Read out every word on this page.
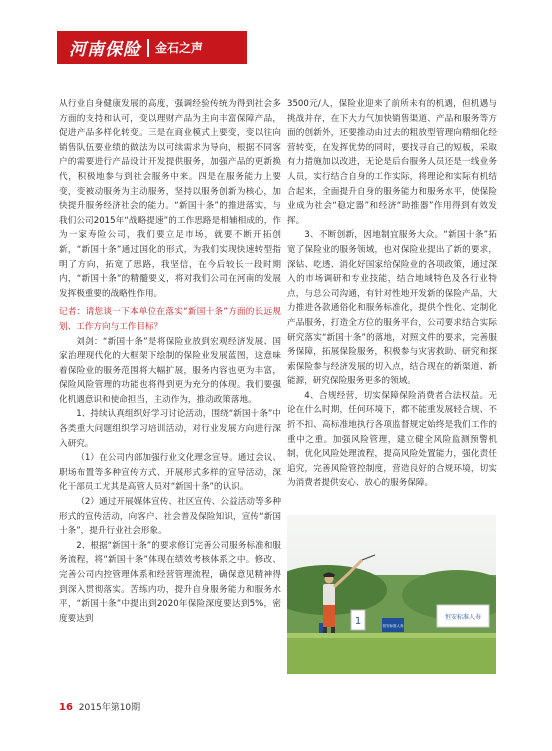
河南保险 金石之声

从行业自身健康发展的高度，强调经验传统为得到社会多方面的支持和认可，变以理财产品为主向丰富保障产品，促进产品多样化转变。三是在商业模式上要变，变以往向销售队伍要业绩的做法为以可续需求为导向，根据不同客户的需要进行产品设计开发提供服务，加强产品的更新换代，积极地参与到社会服务中来。四是在服务能力上要变，变被动服务为主动服务，坚持以服务创新为核心，加快提升服务经济社会的能力。“新国十条”的推进落实，与我们公司2015年“战略提速”的工作思路是相辅相成的，作为一家寿险公司，我们要立足市场，就要不断开拓创新，“新国十条”通过国化的形式，为我们实现快速转型指明了方向，拓宽了思路，我坚信，在今后较长一段时期内，“新国十条”的精髓要义，将对我们公司在河南的发展发挥极重要的战略性作用。

记者：请您谈一下本单位在落实“新国十条”方面的长远规划、工作方向与工作目标？

刘剑：“新国十条”是将保险业放到宏观经济发展、国家治理现代化的大框架下绘制的保险业发展蓝图，这意味着保险业的服务范围将大幅扩展，服务内容也更为丰富，保险风险管理的功能也将得到更为充分的体现。我们要强化机遇意识和使命担当，主动作为，推动政策落地。

1、持续认真组织好学习讨论活动，围绕“新国十条”中各类重大问题组织学习培训活动，对行业发展方向进行深入研究。

（1）在公司内部加强行业文化理念宣导。通过会议、职场布置等多种宣传方式、开展形式多样的宣导活动，深化干部员工尤其是高管人员对“新国十条”的认识。

（2）通过开展媒体宣传、社区宣传、公益活动等多种形式的宣传活动，向客户、社会普及保险知识，宣传“新国十条”，提升行业社会形象。

2、根据“新国十条”的要求修订完善公司服务标准和服务流程，将“新国十条”体现在绩效考核体系之中。修改、完善公司内控管理体系和经营管理流程，确保意见精神得到深入贯彻落实。苦练内功，提升自身服务能力和服务水平，“新国十条”中提出到2020年保险深度要达到5%，密度要达到

3500元/人，保险业迎来了前所未有的机遇，但机遇与挑战并存，在下大力气加快销售渠道、产品和服务等方面的创新外，还要推动由过去的粗放型管理向精细化经营转变，在发挥优势的同时，要找寻自己的短板，采取有力措施加以改进，无论是后台服务人员还是一线业务人员，实行结合自身的工作实际，将理论和实际有机结合起来，全面提升自身的服务能力和服务水平，使保险业成为社会“稳定器”和经济“助推器”作用得到有效发挥。

3、不断创新，因地制宜服务大众。“新国十条”拓宽了保险业的服务领域，也对保险业提出了新的要求，深钻、吃透、消化好国家给保险业的各项政策，通过深入的市场调研和专业技能，结合地域特色及各行业特点，与总公司沟通，有针对性地开发新的保险产品，大力推进各款通俗化和服务标准化，提供个性化、定制化产品服务，打造全方位的服务平台，公司要求结合实际研究落实“新国十条”的落地，对照文件的要求，完善服务保障，拓展保险服务，积极参与灾害救助、研究和探索保险参与经济发展的切入点，结合现在的新渠道、新能源，研究保险服务更多的领域。

4、合规经营，切实保障保险消费者合法权益。无论在什么时期，任何环境下，都不能重发展轻合规、不折不扣、高标准地执行各项监督规定始终是我们工作的重中之重。加强风险管理，建立健全风险监测预警机制，优化风险处理流程，提高风险处置能力，强化责任追究，完善风险管控制度，营造良好的合规环境，切实为消费者提供安心、放心的服务保障。

恒安标准人寿
1	恒安标准人寿
16 2015年第10期
